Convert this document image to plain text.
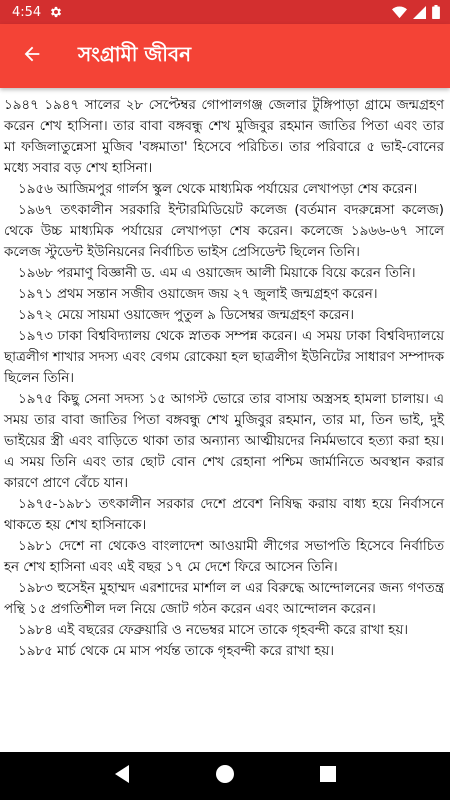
4:54
সংগ্রামী জীবন

১৯৪৭ ১৯৪৭ সালের ২৮ সেপ্টেম্বর গোপালগঞ্জ জেলার টুঙ্গিপাড়া গ্রামে জন্মগ্রহণ করেন শেখ হাসিনা। তার বাবা বঙ্গবন্ধু শেখ মুজিবুর রহমান জাতির পিতা এবং তার মা ফজিলাতুন্নেসা মুজিব 'বঙ্গমাতা' হিসেবে পরিচিত। তার পরিবারে ৫ ভাই-বোনের মধ্যে সবার বড় শেখ হাসিনা।

১৯৫৬ আজিমপুর গার্লস স্কুল থেকে মাধ্যমিক পর্যায়ের লেখাপড়া শেষ করেন।

১৯৬৭ তৎকালীন সরকারি ইন্টারমিডিয়েট কলেজ (বর্তমান বদরুন্নেসা কলেজ) থেকে উচ্চ মাধ্যমিক পর্যায়ের লেখাপড়া শেষ করেন। কলেজে ১৯৬৬-৬৭ সালে কলেজ স্টুডেন্ট ইউনিয়নের নির্বাচিত ভাইস প্রেসিডেন্ট ছিলেন তিনি।

১৯৬৮ পরমাণু বিজ্ঞানী ড. এম এ ওয়াজেদ আলী মিয়াকে বিয়ে করেন তিনি।

১৯৭১ প্রথম সন্তান সজীব ওয়াজেদ জয় ২৭ জুলাই জন্মগ্রহণ করেন।

১৯৭২ মেয়ে সায়মা ওয়াজেদ পুতুল ৯ ডিসেম্বর জন্মগ্রহণ করেন।

১৯৭৩ ঢাকা বিশ্ববিদ্যালয় থেকে স্নাতক সম্পন্ন করেন। এ সময় ঢাকা বিশ্ববিদ্যালয়ে ছাত্রলীগ শাখার সদস্য এবং বেগম রোকেয়া হল ছাত্রলীগ ইউনিটের সাধারণ সম্পাদক ছিলেন তিনি।

১৯৭৫ কিছু সেনা সদস্য ১৫ আগস্ট ভোরে তার বাসায় অস্ত্রসহ হামলা চালায়। এ সময় তার বাবা জাতির পিতা বঙ্গবন্ধু শেখ মুজিবুর রহমান, তার মা, তিন ভাই, দুই ভাইয়ের স্ত্রী এবং বাড়িতে থাকা তার অন্যান্য আত্মীয়দের নির্মমভাবে হত্যা করা হয়। এ সময় তিনি এবং তার ছোট বোন শেখ রেহানা পশ্চিম জার্মানিতে অবস্থান করার কারণে প্রাণে বেঁচে যান।

১৯৭৫-১৯৮১ তৎকালীন সরকার দেশে প্রবেশ নিষিদ্ধ করায় বাধ্য হয়ে নির্বাসনে থাকতে হয় শেখ হাসিনাকে।

১৯৮১ দেশে না থেকেও বাংলাদেশ আওয়ামী লীগের সভাপতি হিসেবে নির্বাচিত হন শেখ হাসিনা এবং এই বছর ১৭ মে দেশে ফিরে আসেন তিনি।

১৯৮৩ হুসেইন মুহাম্মদ এরশাদের মার্শাল ল এর বিরুদ্ধে আন্দোলনের জন্য গণতন্ত্র পন্থি ১৫ প্রগতিশীল দল নিয়ে জোট গঠন করেন এবং আন্দোলন করেন।

১৯৮৪ এই বছরের ফেব্রুয়ারি ও নভেম্বর মাসে তাকে গৃহবন্দী করে রাখা হয়।

১৯৮৫ মার্চ থেকে মে মাস পর্যন্ত তাকে গৃহবন্দী করে রাখা হয়।
